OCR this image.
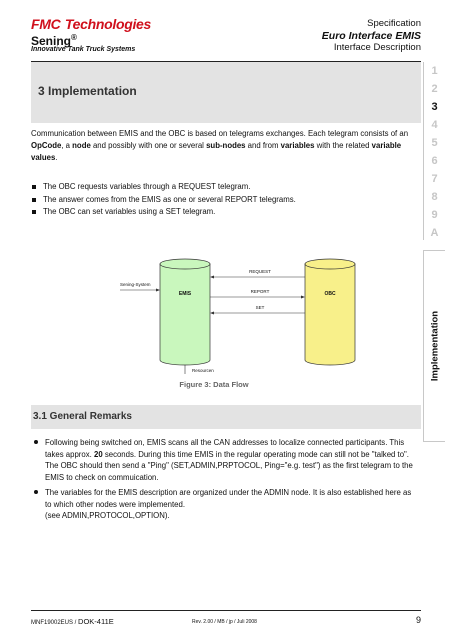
FMC Technologies
Sening®
Innovative Tank Truck Systems
Specification
Euro Interface EMIS
Interface Description
1
2
3
4
5
6
7
8
9
A
Implementation
3 Implementation

Communication between EMIS and the OBC is based on telegrams exchanges. Each telegram consists of an OpCode, a node and possibly with one or several sub-nodes and from variables with the related variable values.

The OBC requests variables through a REQUEST telegram.
The answer comes from the EMIS as one or several REPORT telegrams.
The OBC can set variables using a SET telegram.
EMIS	OBC
REQUEST
REPORT
SET
Sening-System
Resourcen
Figure 3: Data Flow
3.1 General Remarks
Following being switched on, EMIS scans all the CAN addresses to localize connected participants. This takes approx. 20 seconds. During this time EMIS in the regular operating mode can still not be "talked to". The OBC should then send a "Ping" (SET,ADMIN,PRPTOCOL, Ping="e.g. test") as the first telegram to the EMIS to check on commuication.
The variables for the EMIS description are organized under the ADMIN node. It is also established here as to which other nodes were implemented.
(see ADMIN,PROTOCOL,OPTION).
MNF19002EUS / DOK-411E	Rev. 2.00 / MB / jp / Juli 2008	9
